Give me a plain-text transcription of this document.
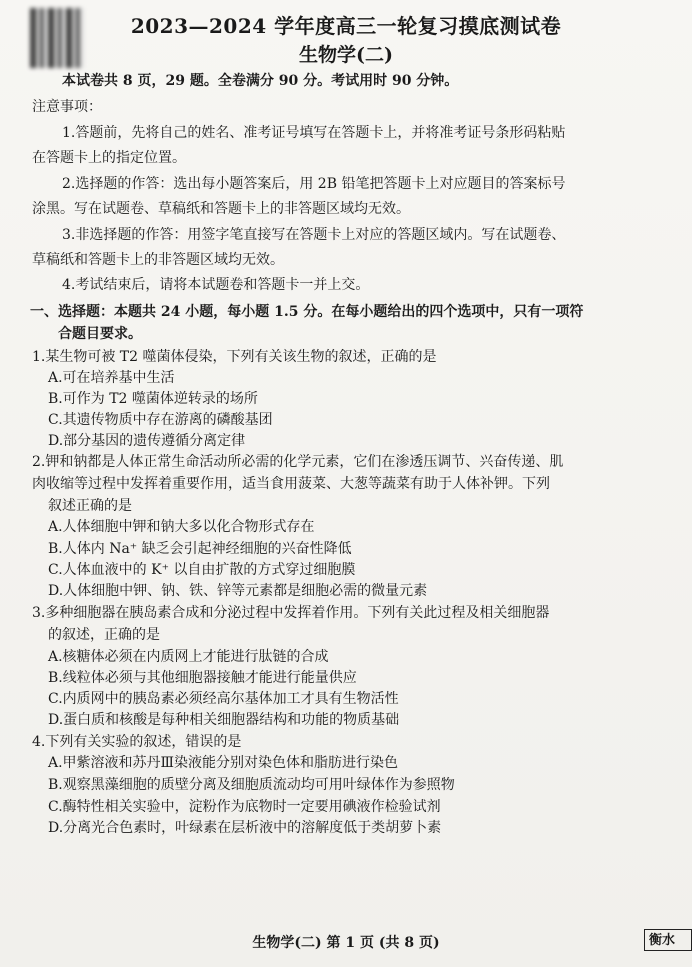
2023—2024 学年度高三一轮复习摸底测试卷
生物学(二)
本试卷共 8 页，29 题。全卷满分 90 分。考试用时 90 分钟。
注意事项：
1.答题前，先将自己的姓名、准考证号填写在答题卡上，并将准考证号条形码粘贴
在答题卡上的指定位置。
2.选择题的作答：选出每小题答案后，用 2B 铅笔把答题卡上对应题目的答案标号
涂黑。写在试题卷、草稿纸和答题卡上的非答题区域均无效。
3.非选择题的作答：用签字笔直接写在答题卡上对应的答题区域内。写在试题卷、
草稿纸和答题卡上的非答题区域均无效。
4.考试结束后，请将本试题卷和答题卡一并上交。
一、选择题：本题共 24 小题，每小题 1.5 分。在每小题给出的四个选项中，只有一项符
合题目要求。
1.某生物可被 T2 噬菌体侵染，下列有关该生物的叙述，正确的是
A.可在培养基中生活
B.可作为 T2 噬菌体逆转录的场所
C.其遗传物质中存在游离的磷酸基团
D.部分基因的遗传遵循分离定律
2.钾和钠都是人体正常生命活动所必需的化学元素，它们在渗透压调节、兴奋传递、肌
肉收缩等过程中发挥着重要作用，适当食用菠菜、大葱等蔬菜有助于人体补钾。下列
叙述正确的是
A.人体细胞中钾和钠大多以化合物形式存在
B.人体内 Na⁺ 缺乏会引起神经细胞的兴奋性降低
C.人体血液中的 K⁺ 以自由扩散的方式穿过细胞膜
D.人体细胞中钾、钠、铁、锌等元素都是细胞必需的微量元素
3.多种细胞器在胰岛素合成和分泌过程中发挥着作用。下列有关此过程及相关细胞器
的叙述，正确的是
A.核糖体必须在内质网上才能进行肽链的合成
B.线粒体必须与其他细胞器接触才能进行能量供应
C.内质网中的胰岛素必须经高尔基体加工才具有生物活性
D.蛋白质和核酸是每种相关细胞器结构和功能的物质基础
4.下列有关实验的叙述，错误的是
A.甲紫溶液和苏丹Ⅲ染液能分别对染色体和脂肪进行染色
B.观察黑藻细胞的质壁分离及细胞质流动均可用叶绿体作为参照物
C.酶特性相关实验中，淀粉作为底物时一定要用碘液作检验试剂
D.分离光合色素时，叶绿素在层析液中的溶解度低于类胡萝卜素
生物学(二) 第 1 页 (共 8 页)	衡水
